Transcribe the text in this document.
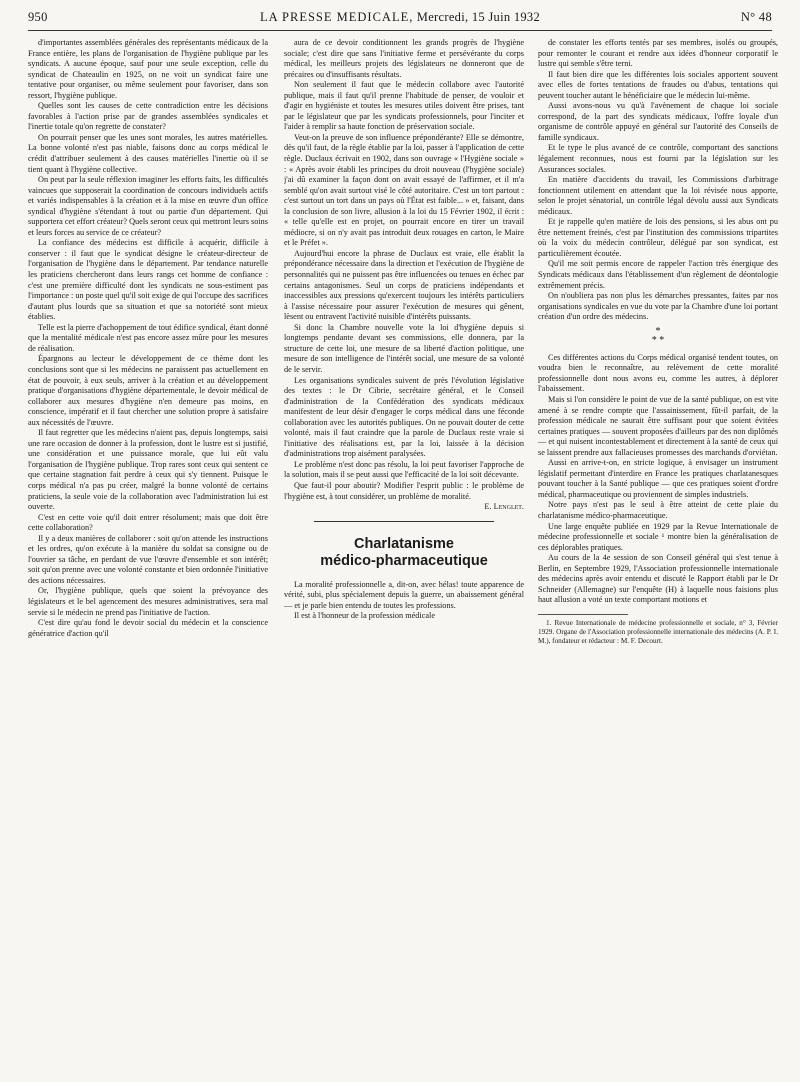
950	LA PRESSE MEDICALE, Mercredi, 15 Juin 1932	N° 48

d'importantes assemblées générales des représentants médicaux de la France entière, les plans de l'organisation de l'hygiène publique par les syndicats. A aucune époque, sauf pour une seule exception, celle du syndicat de Chateaulin en 1925, on ne voit un syndicat faire une tentative pour organiser, ou même seulement pour favoriser, dans son ressort, l'hygiène publique.

Quelles sont les causes de cette contradiction entre les décisions favorables à l'action prise par de grandes assemblées syndicales et l'inertie totale qu'on regrette de constater?

On pourrait penser que les unes sont morales, les autres matérielles. La bonne volonté n'est pas niable, faisons donc au corps médical le crédit d'attribuer seulement à des causes matérielles l'inertie où il se tient quant à l'hygiène collective.

On peut par la seule réflexion imaginer les efforts faits, les difficultés vaincues que supposerait la coordination de concours individuels actifs et variés indispensables à la création et à la mise en œuvre d'un office syndical d'hygiène s'étendant à tout ou partie d'un département. Qui supportera cet effort créateur? Quels seront ceux qui mettront leurs soins et leurs forces au service de ce créateur?

La confiance des médecins est difficile à acquérir, difficile à conserver : il faut que le syndicat désigne le créateur-directeur de l'organisation de l'hygiène dans le département. Par tendance naturelle les praticiens chercheront dans leurs rangs cet homme de confiance : c'est une première difficulté dont les syndicats ne sous-estiment pas l'importance : un poste quel qu'il soit exige de qui l'occupe des sacrifices d'autant plus lourds que sa situation et que sa notoriété sont mieux établies.

Telle est la pierre d'achoppement de tout édifice syndical, étant donné que la mentalité médicale n'est pas encore assez mûre pour les mesures de réalisation.

Épargnons au lecteur le développement de ce thème dont les conclusions sont que si les médecins ne paraissent pas actuellement en état de pouvoir, à eux seuls, arriver à la création et au développement pratique d'organisations d'hygiène départementale, le devoir médical de collaborer aux mesures d'hygiène n'en demeure pas moins, en conscience, impératif et il faut chercher une solution propre à satisfaire aux nécessités de l'œuvre.

Il faut regretter que les médecins n'aient pas, depuis longtemps, saisi une rare occasion de donner à la profession, dont le lustre est si justifié, une considération et une puissance morale, que lui eût valu l'organisation de l'hygiène publique. Trop rares sont ceux qui sentent ce que certaine stagnation fait perdre à ceux qui s'y tiennent. Puisque le corps médical n'a pas pu créer, malgré la bonne volonté de certains praticiens, la seule voie de la collaboration avec l'administration lui est ouverte.

C'est en cette voie qu'il doit entrer résolument; mais que doit être cette collaboration?

Il y a deux manières de collaborer : soit qu'on attende les instructions et les ordres, qu'on exécute à la manière du soldat sa consigne ou de l'ouvrier sa tâche, en perdant de vue l'œuvre d'ensemble et son intérêt; soit qu'on prenne avec une volonté constante et bien ordonnée l'initiative des actions nécessaires.

Or, l'hygiène publique, quels que soient la prévoyance des législateurs et le bel agencement des mesures administratives, sera mal servie si le médecin ne prend pas l'initiative de l'action.

C'est dire qu'au fond le devoir social du médecin et la conscience génératrice d'action qu'il

aura de ce devoir conditionnent les grands progrès de l'hygiène sociale; c'est dire que sans l'initiative ferme et persévérante du corps médical, les meilleurs projets des législateurs ne donneront que de précaires ou d'insuffisants résultats.

Non seulement il faut que le médecin collabore avec l'autorité publique, mais il faut qu'il prenne l'habitude de penser, de vouloir et d'agir en hygiéniste et toutes les mesures utiles doivent être prises, tant par le législateur que par les syndicats professionnels, pour l'inciter et l'aider à remplir sa haute fonction de préservation sociale.

Veut-on la preuve de son influence prépondérante? Elle se démontre, dès qu'il faut, de la règle établie par la loi, passer à l'application de cette règle. Duclaux écrivait en 1902, dans son ouvrage « l'Hygiène sociale » : « Après avoir établi les principes du droit nouveau (l'hygiène sociale) j'ai dû examiner la façon dont on avait essayé de l'affirmer, et il m'a semblé qu'on avait surtout visé le côté autoritaire. C'est un tort partout : c'est surtout un tort dans un pays où l'État est faible... » et, faisant, dans la conclusion de son livre, allusion à la loi du 15 Février 1902, il écrit : « telle qu'elle est en projet, on pourrait encore en tirer un travail médiocre, si on n'y avait pas introduit deux rouages en carton, le Maire et le Préfet ».

Aujourd'hui encore la phrase de Duclaux est vraie, elle établit la prépondérance nécessaire dans la direction et l'exécution de l'hygiène de personnalités qui ne puissent pas être influencées ou tenues en échec par certains antagonismes. Seul un corps de praticiens indépendants et inaccessibles aux pressions qu'exercent toujours les intérêts particuliers à l'assise nécessaire pour assurer l'exécution de mesures qui gênent, lèsent ou entravent l'activité nuisible d'intérêts puissants.

Si donc la Chambre nouvelle vote la loi d'hygiène depuis si longtemps pendante devant ses commissions, elle donnera, par la structure de cette loi, une mesure de sa liberté d'action politique, une mesure de son intelligence de l'intérêt social, une mesure de sa volonté de le servir.

Les organisations syndicales suivent de près l'évolution législative des textes : le Dr Cibrie, secrétaire général, et le Conseil d'administration de la Confédération des syndicats médicaux manifestent de leur désir d'engager le corps médical dans une féconde collaboration avec les autorités publiques. On ne pouvait douter de cette volonté, mais il faut craindre que la parole de Duclaux reste vraie si l'initiative des réalisations est, par la loi, laissée à la décision d'administrations trop aisément paralysées.

Le problème n'est donc pas résolu, la loi peut favoriser l'approche de la solution, mais il se peut aussi que l'efficacité de la loi soit décevante.

Que faut-il pour aboutir? Modifier l'esprit public : le problème de l'hygiène est, à tout considérer, un problème de moralité.

E. Lenglet.

Charlatanisme
médico-pharmaceutique

La moralité professionnelle a, dit-on, avec hélas! toute apparence de vérité, subi, plus spécialement depuis la guerre, un abaissement général — et je parle bien entendu de toutes les professions.

Il est à l'honneur de la profession médicale

de constater les efforts tentés par ses membres, isolés ou groupés, pour remonter le courant et rendre aux idées d'honneur corporatif le lustre qui semble s'être terni.

Il faut bien dire que les différentes lois sociales apportent souvent avec elles de fortes tentations de fraudes ou d'abus, tentations qui peuvent toucher autant le bénéficiaire que le médecin lui-même.

Aussi avons-nous vu qu'à l'avènement de chaque loi sociale correspond, de la part des syndicats médicaux, l'offre loyale d'un organisme de contrôle appuyé en général sur l'autorité des Conseils de famille syndicaux.

Et le type le plus avancé de ce contrôle, comportant des sanctions légalement reconnues, nous est fourni par la législation sur les Assurances sociales.

En matière d'accidents du travail, les Commissions d'arbitrage fonctionnent utilement en attendant que la loi révisée nous apporte, selon le projet sénatorial, un contrôle légal dévolu aussi aux Syndicats médicaux.

Et je rappelle qu'en matière de lois des pensions, si les abus ont pu être nettement freinés, c'est par l'institution des commissions tripartites où la voix du médecin contrôleur, délégué par son syndicat, est particulièrement écoutée.

Qu'il me soit permis encore de rappeler l'action très énergique des Syndicats médicaux dans l'établissement d'un règlement de déontologie extrêmement précis.

On n'oubliera pas non plus les démarches pressantes, faites par nos organisations syndicales en vue du vote par la Chambre d'une loi portant création d'un ordre des médecins.

*
* *

Ces différentes actions du Corps médical organisé tendent toutes, on voudra bien le reconnaître, au relèvement de cette moralité professionnelle dont nous avons eu, comme les autres, à déplorer l'abaissement.

Mais si l'on considère le point de vue de la santé publique, on est vite amené à se rendre compte que l'assainissement, fût-il parfait, de la profession médicale ne saurait être suffisant pour que soient évitées certaines pratiques — souvent proposées d'ailleurs par des non diplômés — et qui nuisent incontestablement et directement à la santé de ceux qui se laissent prendre aux fallacieuses promesses des marchands d'orviétan.

Aussi en arrive-t-on, en stricte logique, à envisager un instrument législatif permettant d'interdire en France les pratiques charlatanesques pouvant toucher à la Santé publique — que ces pratiques soient d'ordre médical, pharmaceutique ou proviennent de simples industriels.

Notre pays n'est pas le seul à être atteint de cette plaie du charlatanisme médico-pharmaceutique.

Une large enquête publiée en 1929 par la Revue Internationale de médecine professionnelle et sociale ¹ montre bien la généralisation de ces déplorables pratiques.

Au cours de la 4e session de son Conseil général qui s'est tenue à Berlin, en Septembre 1929, l'Association professionnelle internationale des médecins après avoir entendu et discuté le Rapport établi par le Dr Schneider (Allemagne) sur l'enquête (H) à laquelle nous faisions plus haut allusion a voté un texte comportant motions et

1. Revue Internationale de médecine professionnelle et sociale, n° 3, Février 1929. Organe de l'Association professionnelle internationale des médecins (A. P. I. M.), fondateur et rédacteur : M. F. Decourt.
